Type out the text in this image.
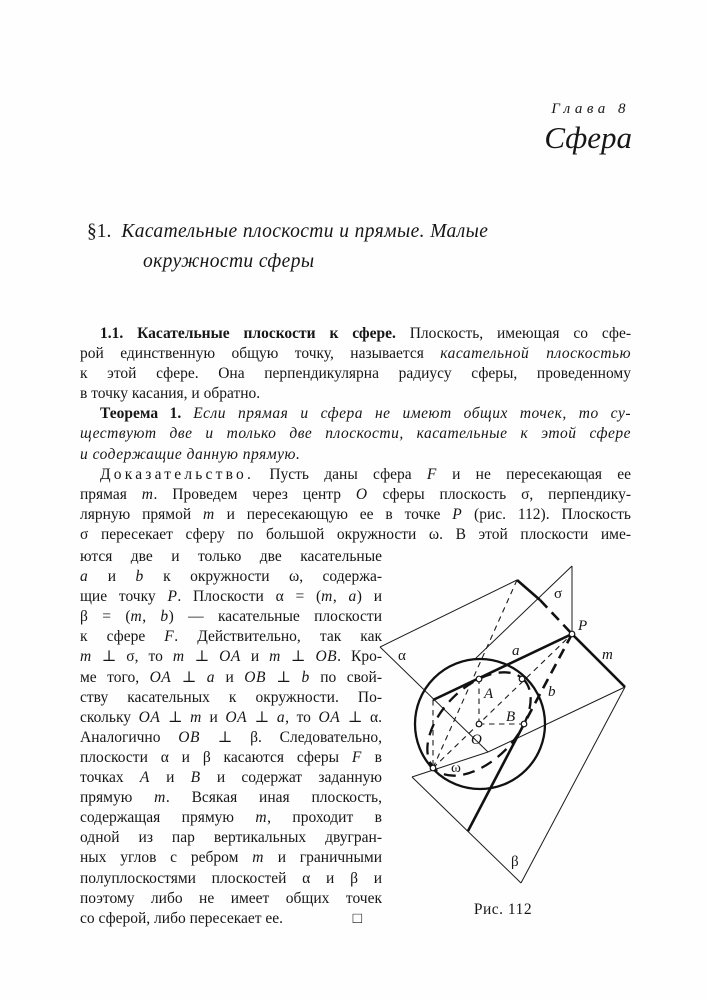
Глава 8
Сфера
§1. Касательные плоскости и прямые. Малые
окружности сферы
1.1. Касательные плоскости к сфере. Плоскость, имеющая со сфе-
рой единственную общую точку, называется касательной плоскостью
к этой сфере. Она перпендикулярна радиусу сферы, проведенному
в точку касания, и обратно.
Теорема 1. Если прямая и сфера не имеют общих точек, то су-
ществуют две и только две плоскости, касательные к этой сфере
и содержащие данную прямую.
Доказательство. Пусть даны сфера F и не пересекающая ее
прямая m. Проведем через центр O сферы плоскость σ, перпендику-
лярную прямой m и пересекающую ее в точке P (рис. 112). Плоскость
σ пересекает сферу по большой окружности ω. В этой плоскости име-
ются две и только две касательные
a и b к окружности ω, содержа-
щие точку P. Плоскости α = (m, a) и
β = (m, b) — касательные плоскости
к сфере F. Действительно, так как
m ⊥ σ, то m ⊥ OA и m ⊥ OB. Кро-
ме того, OA ⊥ a и OB ⊥ b по свой-
ству касательных к окружности. По-
скольку OA ⊥ m и OA ⊥ a, то OA ⊥ α.
Аналогично OB ⊥ β. Следовательно,
плоскости α и β касаются сферы F в
точках A и B и содержат заданную
прямую m. Всякая иная плоскость,
содержащая прямую m, проходит в
одной из пар вертикальных двугран-
ных углов с ребром m и граничными
полуплоскостями плоскостей α и β и
поэтому либо не имеет общих точек
со сферой, либо пересекает ее.	□
α
σ
P
m
a
b
A
B
O
ω
β
Рис. 112
